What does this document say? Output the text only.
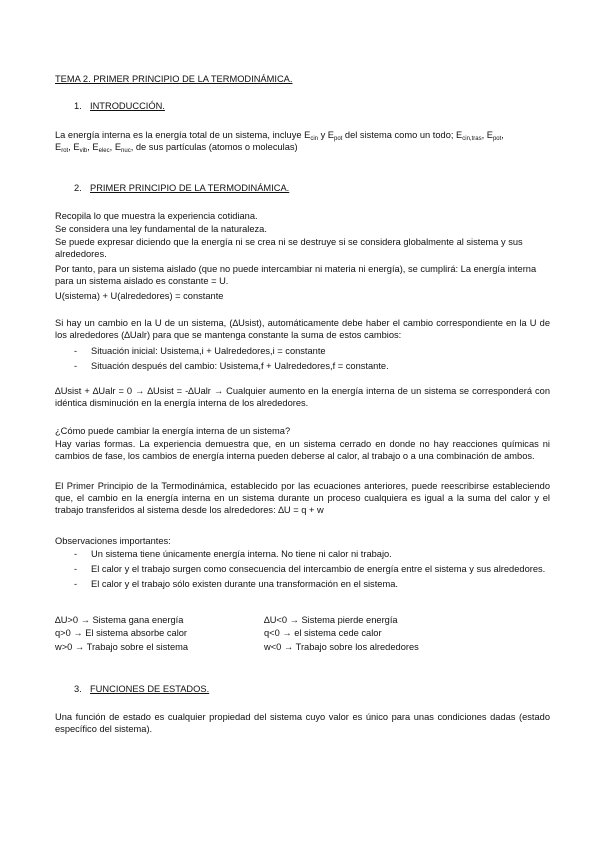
TEMA 2. PRIMER PRINCIPIO DE LA TERMODINÁMICA.

1. INTRODUCCIÓN.

La energía interna es la energía total de un sistema, incluye $E_{cin}$ y $E_{pot}$ del sistema como un todo; $E_{cin,tras}$, $E_{pot}$,
$E_{rot}$, $E_{vib}$, $E_{elec}$, $E_{nuc}$, de sus partículas (atomos o moleculas)

2. PRIMER PRINCIPIO DE LA TERMODINÁMICA.

Recopila lo que muestra la experiencia cotidiana.

Se considera una ley fundamental de la naturaleza.

Se puede expresar diciendo que la energía ni se crea ni se destruye si se considera globalmente al sistema y sus alrededores.

Por tanto, para un sistema aislado (que no puede intercambiar ni materia ni energía), se cumplirá: La energía interna para un sistema aislado es constante = U.

U(sistema) + U(alrededores) = constante

Si hay un cambio en la U de un sistema, (∆Usist), automáticamente debe haber el cambio correspondiente en la U de los alrededores (∆Ualr) para que se mantenga constante la suma de estos cambios:

- Situación inicial: Usistema,i + Ualrededores,i = constante
- Situación después del cambio: Usistema,f + Ualrededores,f = constante.

∆Usist + ∆Ualr = 0 → ∆Usist = -∆Ualr → Cualquier aumento en la energía interna de un sistema se corresponderá con idéntica disminución en la energía interna de los alrededores.

¿Cómo puede cambiar la energía interna de un sistema?

Hay varias formas. La experiencia demuestra que, en un sistema cerrado en donde no hay reacciones químicas ni cambios de fase, los cambios de energía interna pueden deberse al calor, al trabajo o a una combinación de ambos.

El Primer Principio de la Termodinámica, establecido por las ecuaciones anteriores, puede reescribirse estableciendo que, el cambio en la energía interna en un sistema durante un proceso cualquiera es igual a la suma del calor y el trabajo transferidos al sistema desde los alrededores: ∆U = q + w

Observaciones importantes:

- Un sistema tiene únicamente energía interna. No tiene ni calor ni trabajo.
- El calor y el trabajo surgen como consecuencia del intercambio de energía entre el sistema y sus alrededores.
- El calor y el trabajo sólo existen durante una transformación en el sistema.
∆U>0 → Sistema gana energía	∆U<0 → Sistema pierde energía
q>0 → El sistema absorbe calor	q<0 → el sistema cede calor
w>0 → Trabajo sobre el sistema	w<0 → Trabajo sobre los alrededores
3. FUNCIONES DE ESTADOS.

Una función de estado es cualquier propiedad del sistema cuyo valor es único para unas condiciones dadas (estado específico del sistema).
